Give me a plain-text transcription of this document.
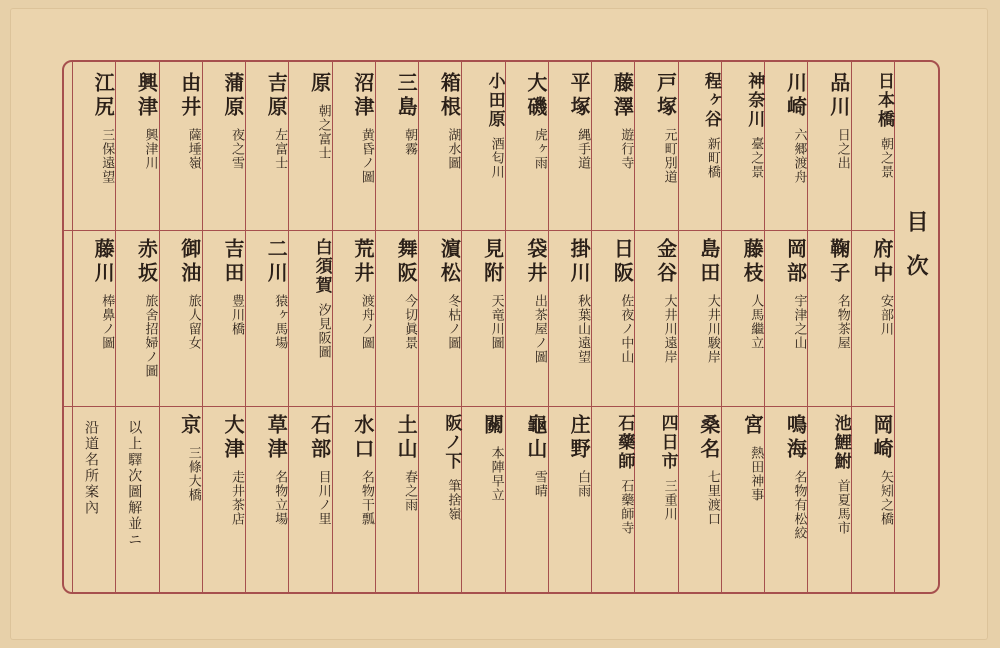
目次
日本橋
朝之景
品川
日之出
川崎
六郷渡舟
神奈川
臺之景
程ヶ谷
新町橋
戸塚
元町別道
藤澤
遊行寺
平塚
縄手道
大磯
虎ヶ雨
小田原
酒匂川
箱根
湖水圖
三島
朝霧
沼津
黄昏ノ圖
原
朝之富士
吉原
左富士
蒲原
夜之雪
由井
薩埵嶺
興津
興津川
江尻
三保遠望
府中
安部川
鞠子
名物茶屋
岡部
宇津之山
藤枝
人馬繼立
島田
大井川駿岸
金谷
大井川遠岸
日阪
佐夜ノ中山
掛川
秋葉山遠望
袋井
出茶屋ノ圖
見附
天竜川圖
濵松
冬枯ノ圖
舞阪
今切眞景
荒井
渡舟ノ圖
白須賀
汐見阪圖
二川
猿ヶ馬場
吉田
豊川橋
御油
旅人留女
赤坂
旅舍招婦ノ圖
藤川
棒鼻ノ圖
岡崎
矢矧之橋
池鯉鮒
首夏馬市
鳴海
名物有松絞
宮
熱田神事
桑名
七里渡口
四日市
三重川
石藥師
石藥師寺
庄野
白雨
龜山
雪晴
關
本陣早立
阪ノ下
筆捨嶺
土山
春之雨
水口
名物干瓢
石部
目川ノ里
草津
名物立場
大津
走井茶店
京
三條大橋
以上驛次圖解並ニ
沿道名所案內
